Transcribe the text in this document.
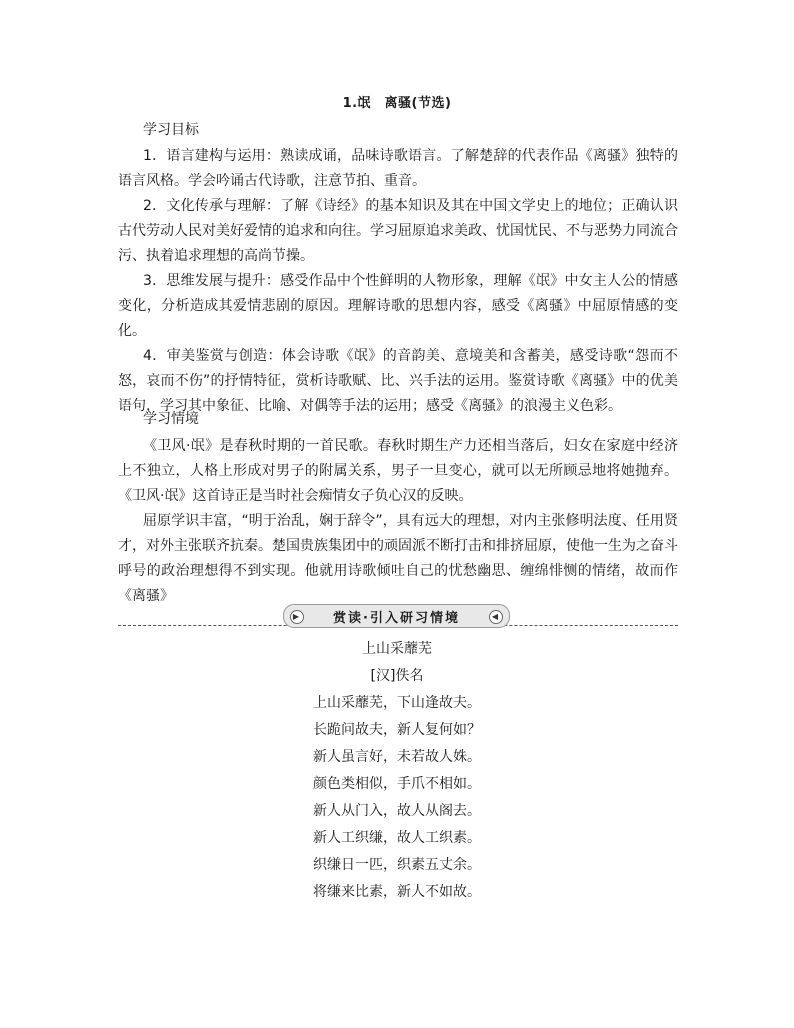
1.氓　离骚(节选)
学习目标

1．语言建构与运用：熟读成诵，品味诗歌语言。了解楚辞的代表作品《离骚》独特的语言风格。学会吟诵古代诗歌，注意节拍、重音。

2．文化传承与理解：了解《诗经》的基本知识及其在中国文学史上的地位；正确认识古代劳动人民对美好爱情的追求和向往。学习屈原追求美政、忧国忧民、不与恶势力同流合污、执着追求理想的高尚节操。

3．思维发展与提升：感受作品中个性鲜明的人物形象，理解《氓》中女主人公的情感变化，分析造成其爱情悲剧的原因。理解诗歌的思想内容，感受《离骚》中屈原情感的变化。

4．审美鉴赏与创造：体会诗歌《氓》的音韵美、意境美和含蓄美，感受诗歌“怨而不怒，哀而不伤”的抒情特征，赏析诗歌赋、比、兴手法的运用。鉴赏诗歌《离骚》中的优美语句，学习其中象征、比喻、对偶等手法的运用；感受《离骚》的浪漫主义色彩。

学习情境

《卫风·氓》是春秋时期的一首民歌。春秋时期生产力还相当落后，妇女在家庭中经济上不独立，人格上形成对男子的附属关系，男子一旦变心，就可以无所顾忌地将她抛弃。《卫风·氓》这首诗正是当时社会痴情女子负心汉的反映。

屈原学识丰富，“明于治乱，娴于辞令”，具有远大的理想，对内主张修明法度、任用贤才，对外主张联齐抗秦。楚国贵族集团中的顽固派不断打击和排挤屈原，使他一生为之奋斗呼号的政治理想得不到实现。他就用诗歌倾吐自己的忧愁幽思、缠绵悱恻的情绪，故而作《离骚》

▶ 赏读·引入研习情境	◀
上山采蘼芜
[汉]佚名
上山采蘼芜，下山逢故夫。
长跪问故夫，新人复何如？
新人虽言好，未若故人姝。
颜色类相似，手爪不相如。
新人从门入，故人从阁去。
新人工织缣，故人工织素。
织缣日一匹，织素五丈余。
将缣来比素，新人不如故。
